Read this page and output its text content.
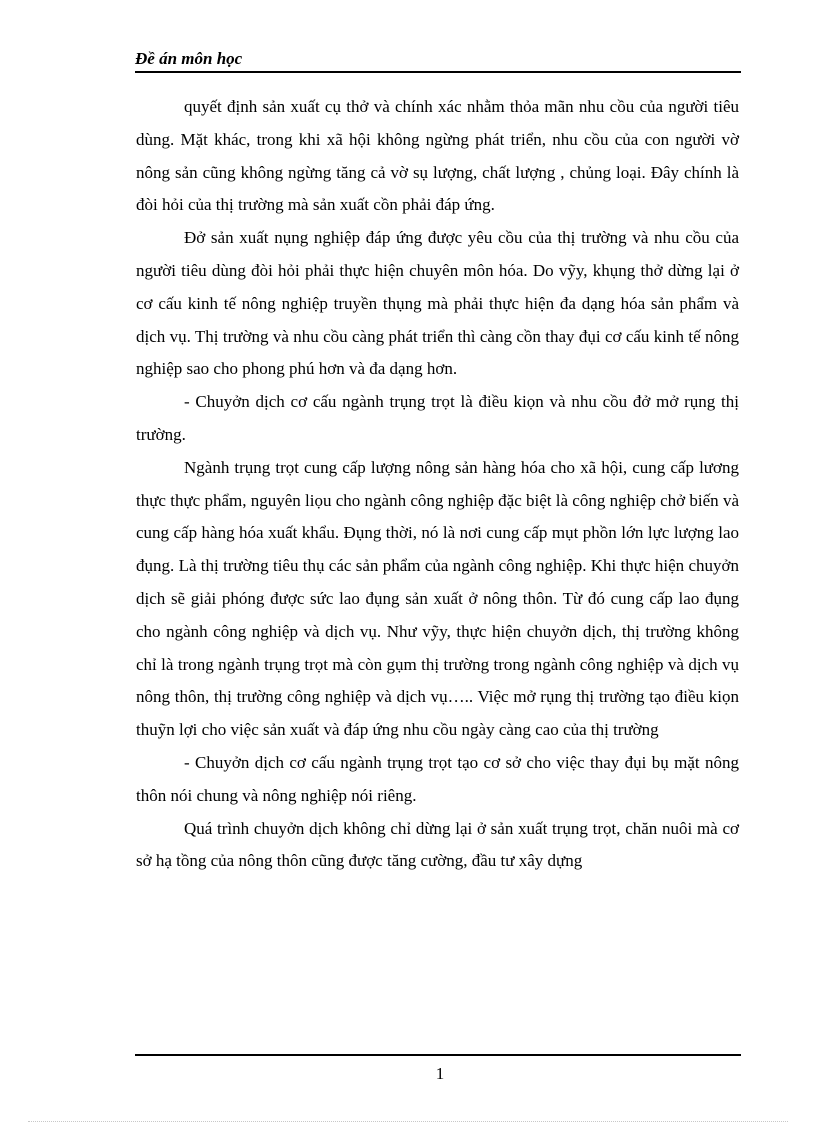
Đề án môn học

quyết định sản xuất cụ thở và chính xác nhằm thỏa mãn nhu cồu của người tiêu dùng. Mặt khác, trong khi xã hội không ngừng phát triển, nhu cồu của con người vờ nông sản cũng không ngừng tăng cả vờ sụ lượng, chất lượng , chủng loại. Đây chính là đòi hỏi của thị trường mà sản xuất cồn phải đáp ứng.

Đở sản xuất nụng nghiệp đáp ứng được yêu cồu của thị trường và nhu cồu của người tiêu dùng đòi hỏi phải thực hiện chuyên môn hóa. Do vỹy, khụng thở dừng lại ở cơ cấu kinh tế nông nghiệp truyền thụng mà phải thực hiện đa dạng hóa sản phẩm và dịch vụ. Thị trường và nhu cồu càng phát triển thì càng cồn thay đụi cơ cấu kinh tế nông nghiệp sao cho phong phú hơn và đa dạng hơn.

- Chuyởn dịch cơ cấu ngành trụng trọt là điều kiọn và nhu cồu đở mở rụng thị trường.

Ngành trụng trọt cung cấp lượng nông sản hàng hóa cho xã hội, cung cấp lương thực thực phẩm, nguyên liọu cho ngành công nghiệp đặc biệt là công nghiệp chở biến và cung cấp hàng hóa xuất khẩu. Đụng thời, nó là nơi cung cấp mụt phồn lớn lực lượng lao đụng. Là thị trường tiêu thụ các sản phẩm của ngành công nghiệp. Khi thực hiện chuyởn dịch sẽ giải phóng được sức lao đụng sản xuất ở nông thôn. Từ đó cung cấp lao đụng cho ngành công nghiệp và dịch vụ. Như vỹy, thực hiện chuyởn dịch, thị trường không chỉ là trong ngành trụng trọt mà còn gụm thị trường trong ngành công nghiệp và dịch vụ nông thôn, thị trường công nghiệp và dịch vụ….. Việc mở rụng thị trường tạo điều kiọn thuỹn lợi cho việc sản xuất và đáp ứng nhu cồu ngày càng cao của thị trường

- Chuyởn dịch cơ cấu ngành trụng trọt tạo cơ sở cho việc thay đụi bụ mặt nông thôn nói chung và nông nghiệp nói riêng.

Quá trình chuyởn dịch không chỉ dừng lại ở sản xuất trụng trọt, chăn nuôi mà cơ sở hạ tồng của nông thôn cũng được tăng cường, đầu tư xây dựng

1
